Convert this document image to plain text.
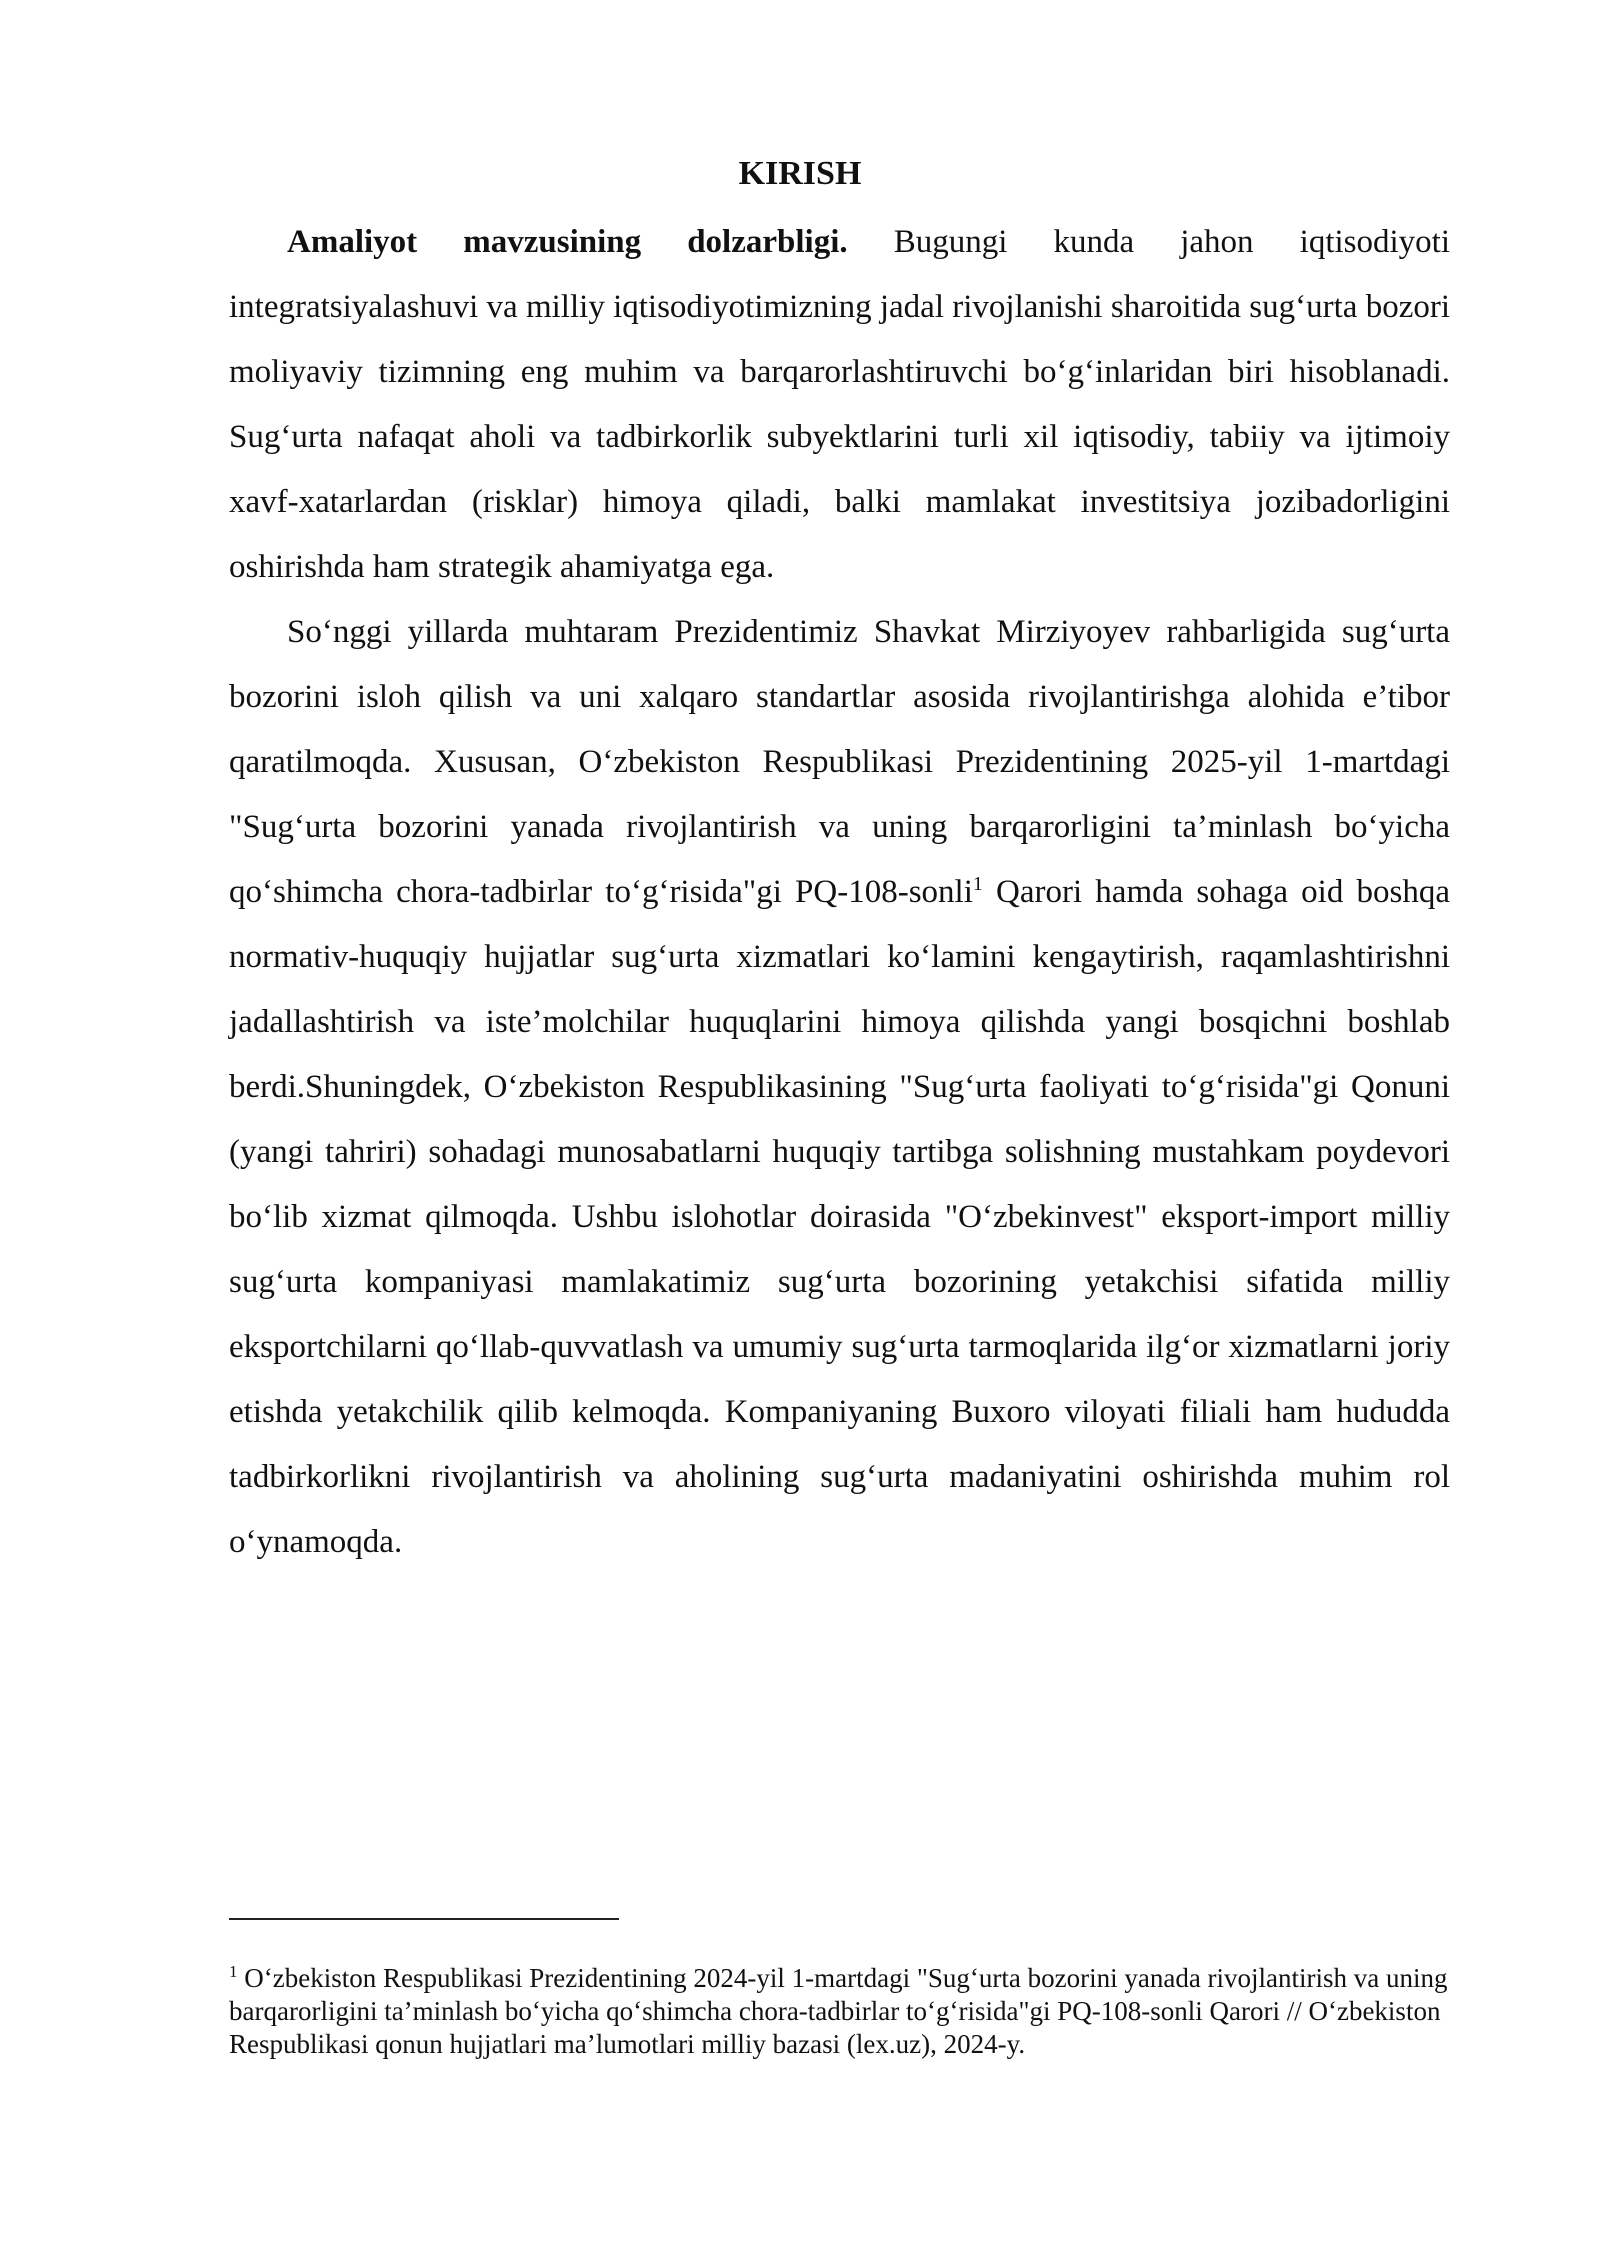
KIRISH

Amaliyot mavzusining dolzarbligi. Bugungi kunda jahon iqtisodiyoti integratsiyalashuvi va milliy iqtisodiyotimizning jadal rivojlanishi sharoitida sug‘urta bozori moliyaviy tizimning eng muhim va barqarorlashtiruvchi bo‘g‘inlaridan biri hisoblanadi. Sug‘urta nafaqat aholi va tadbirkorlik subyektlarini turli xil iqtisodiy, tabiiy va ijtimoiy xavf-xatarlardan (risklar) himoya qiladi, balki mamlakat investitsiya jozibadorligini oshirishda ham strategik ahamiyatga ega.

So‘nggi yillarda muhtaram Prezidentimiz Shavkat Mirziyoyev rahbarligida sug‘urta bozorini isloh qilish va uni xalqaro standartlar asosida rivojlantirishga alohida e’tibor qaratilmoqda. Xususan, O‘zbekiston Respublikasi Prezidentining 2025-yil 1-martdagi "Sug‘urta bozorini yanada rivojlantirish va uning barqarorligini ta’minlash bo‘yicha qo‘shimcha chora-tadbirlar to‘g‘risida"gi PQ-108-sonli$^1$ Qarori hamda sohaga oid boshqa normativ-huquqiy hujjatlar sug‘urta xizmatlari ko‘lamini kengaytirish, raqamlashtirishni jadallashtirish va iste’molchilar huquqlarini himoya qilishda yangi bosqichni boshlab berdi.Shuningdek, O‘zbekiston Respublikasining "Sug‘urta faoliyati to‘g‘risida"gi Qonuni (yangi tahriri) sohadagi munosabatlarni huquqiy tartibga solishning mustahkam poydevori bo‘lib xizmat qilmoqda. Ushbu islohotlar doirasida "O‘zbekinvest" eksport-import milliy sug‘urta kompaniyasi mamlakatimiz sug‘urta bozorining yetakchisi sifatida milliy eksportchilarni qo‘llab-quvvatlash va umumiy sug‘urta tarmoqlarida ilg‘or xizmatlarni joriy etishda yetakchilik qilib kelmoqda. Kompaniyaning Buxoro viloyati filiali ham hududda tadbirkorlikni rivojlantirish va aholining sug‘urta madaniyatini oshirishda muhim rol o‘ynamoqda.

$^1$ O‘zbekiston Respublikasi Prezidentining 2024-yil 1-martdagi "Sug‘urta bozorini yanada rivojlantirish va uning barqarorligini ta’minlash bo‘yicha qo‘shimcha chora-tadbirlar to‘g‘risida"gi PQ-108-sonli Qarori // O‘zbekiston Respublikasi qonun hujjatlari ma’lumotlari milliy bazasi (lex.uz), 2024-y.
